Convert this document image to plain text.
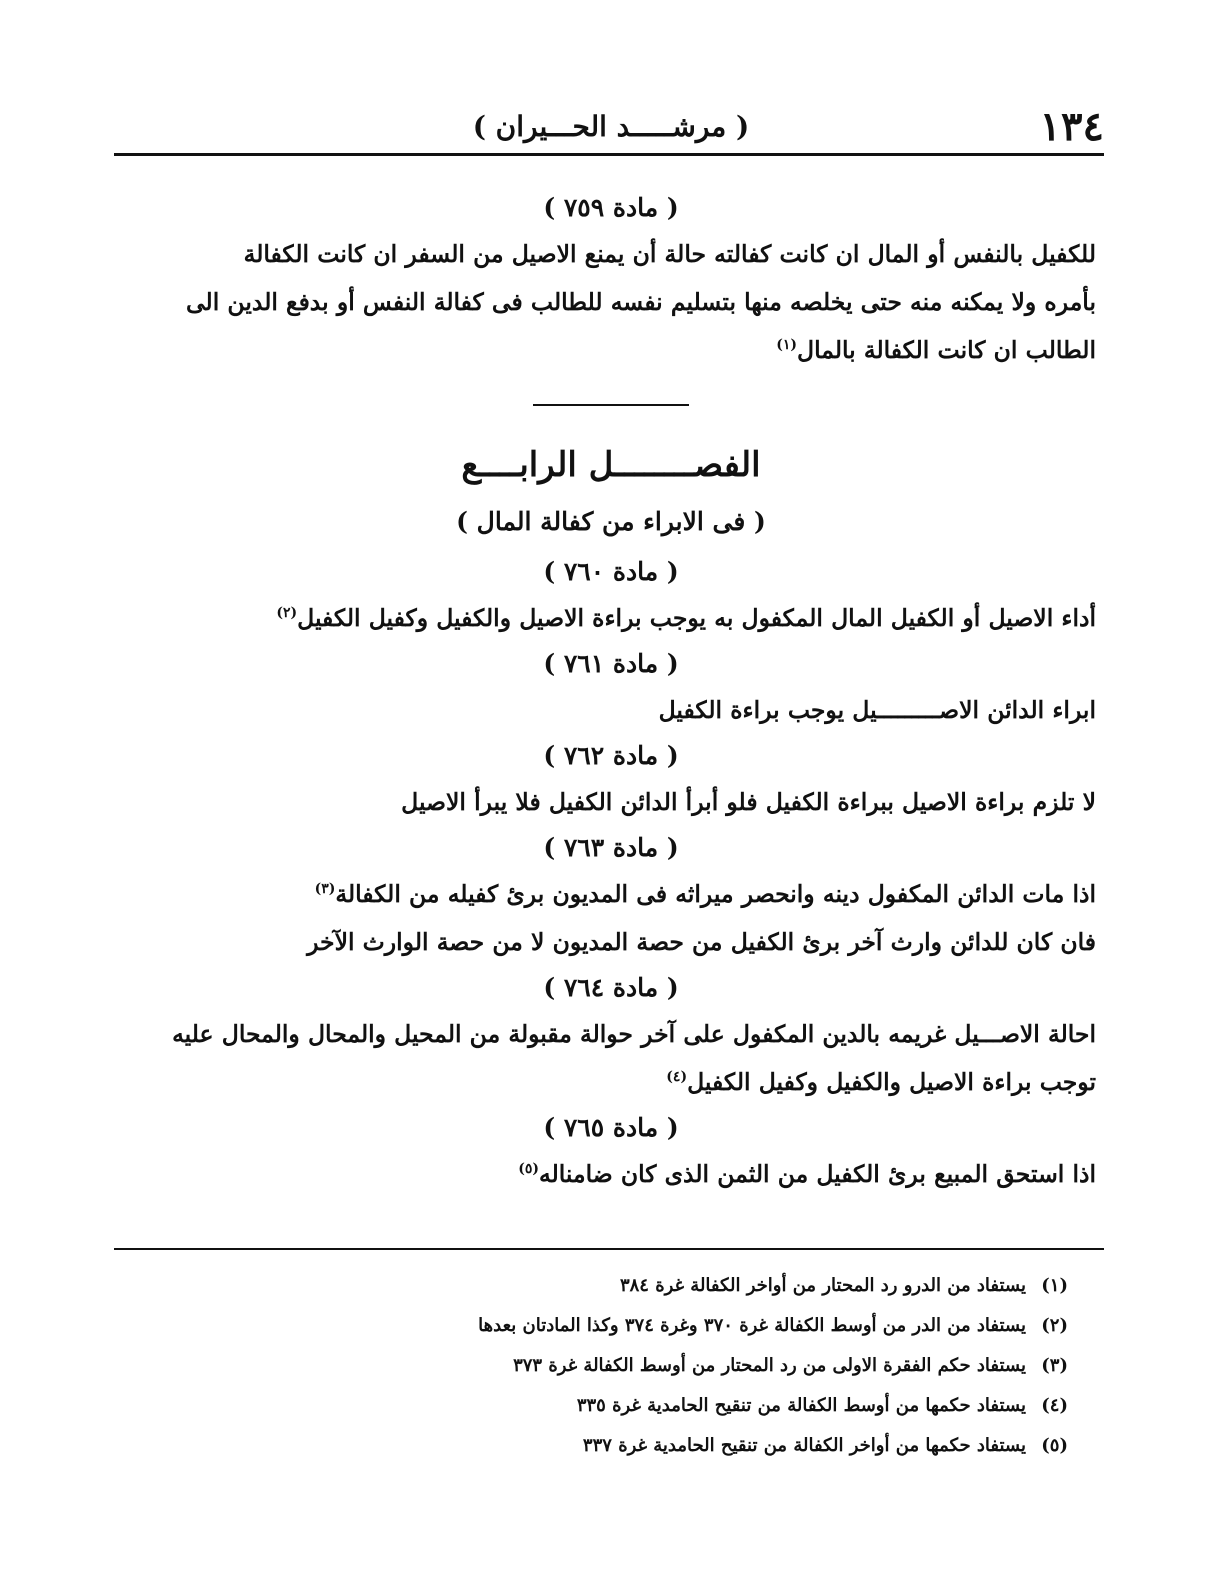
١٣٤
( مرشـــــد الحـــيران )
( مادة ٧٥٩ )
للكفيل بالنفس أو المال ان كانت كفالته حالة أن يمنع الاصيل من السفر ان كانت الكفالة
بأمره ولا يمكنه منه حتى يخلصه منها بتسليم نفسه للطالب فى كفالة النفس أو بدفع الدين الى
الطالب ان كانت الكفالة بالمال$^{(١)}$
الفصــــــــل الرابــــع
( فى الابراء من كفالة المال )
( مادة ٧٦٠ )
أداء الاصيل أو الكفيل المال المكفول به يوجب براءة الاصيل والكفيل وكفيل الكفيل$^{(٢)}$
( مادة ٧٦١ )
ابراء الدائن الاصـــــــــيل يوجب براءة الكفيل
( مادة ٧٦٢ )
لا تلزم براءة الاصيل ببراءة الكفيل فلو أبرأ الدائن الكفيل فلا يبرأ الاصيل
( مادة ٧٦٣ )
اذا مات الدائن المكفول دينه وانحصر ميراثه فى المديون برئ كفيله من الكفالة$^{(٣)}$
فان كان للدائن وارث آخر برئ الكفيل من حصة المديون لا من حصة الوارث الآخر
( مادة ٧٦٤ )
احالة الاصـــيل غريمه بالدين المكفول على آخر حوالة مقبولة من المحيل والمحال والمحال عليه
توجب براءة الاصيل والكفيل وكفيل الكفيل$^{(٤)}$
( مادة ٧٦٥ )
اذا استحق المبيع برئ الكفيل من الثمن الذى كان ضامناله$^{(٥)}$
(١)يستفاد من الدرو رد المحتار من أواخر الكفالة غرة ٣٨٤
(٢)يستفاد من الدر من أوسط الكفالة غرة ٣٧٠ وغرة ٣٧٤ وكذا المادتان بعدها
(٣)يستفاد حكم الفقرة الاولى من رد المحتار من أوسط الكفالة غرة ٣٧٣
(٤)يستفاد حكمها من أوسط الكفالة من تنقيح الحامدية غرة ٣٣٥
(٥)يستفاد حكمها من أواخر الكفالة من تنقيح الحامدية غرة ٣٣٧
